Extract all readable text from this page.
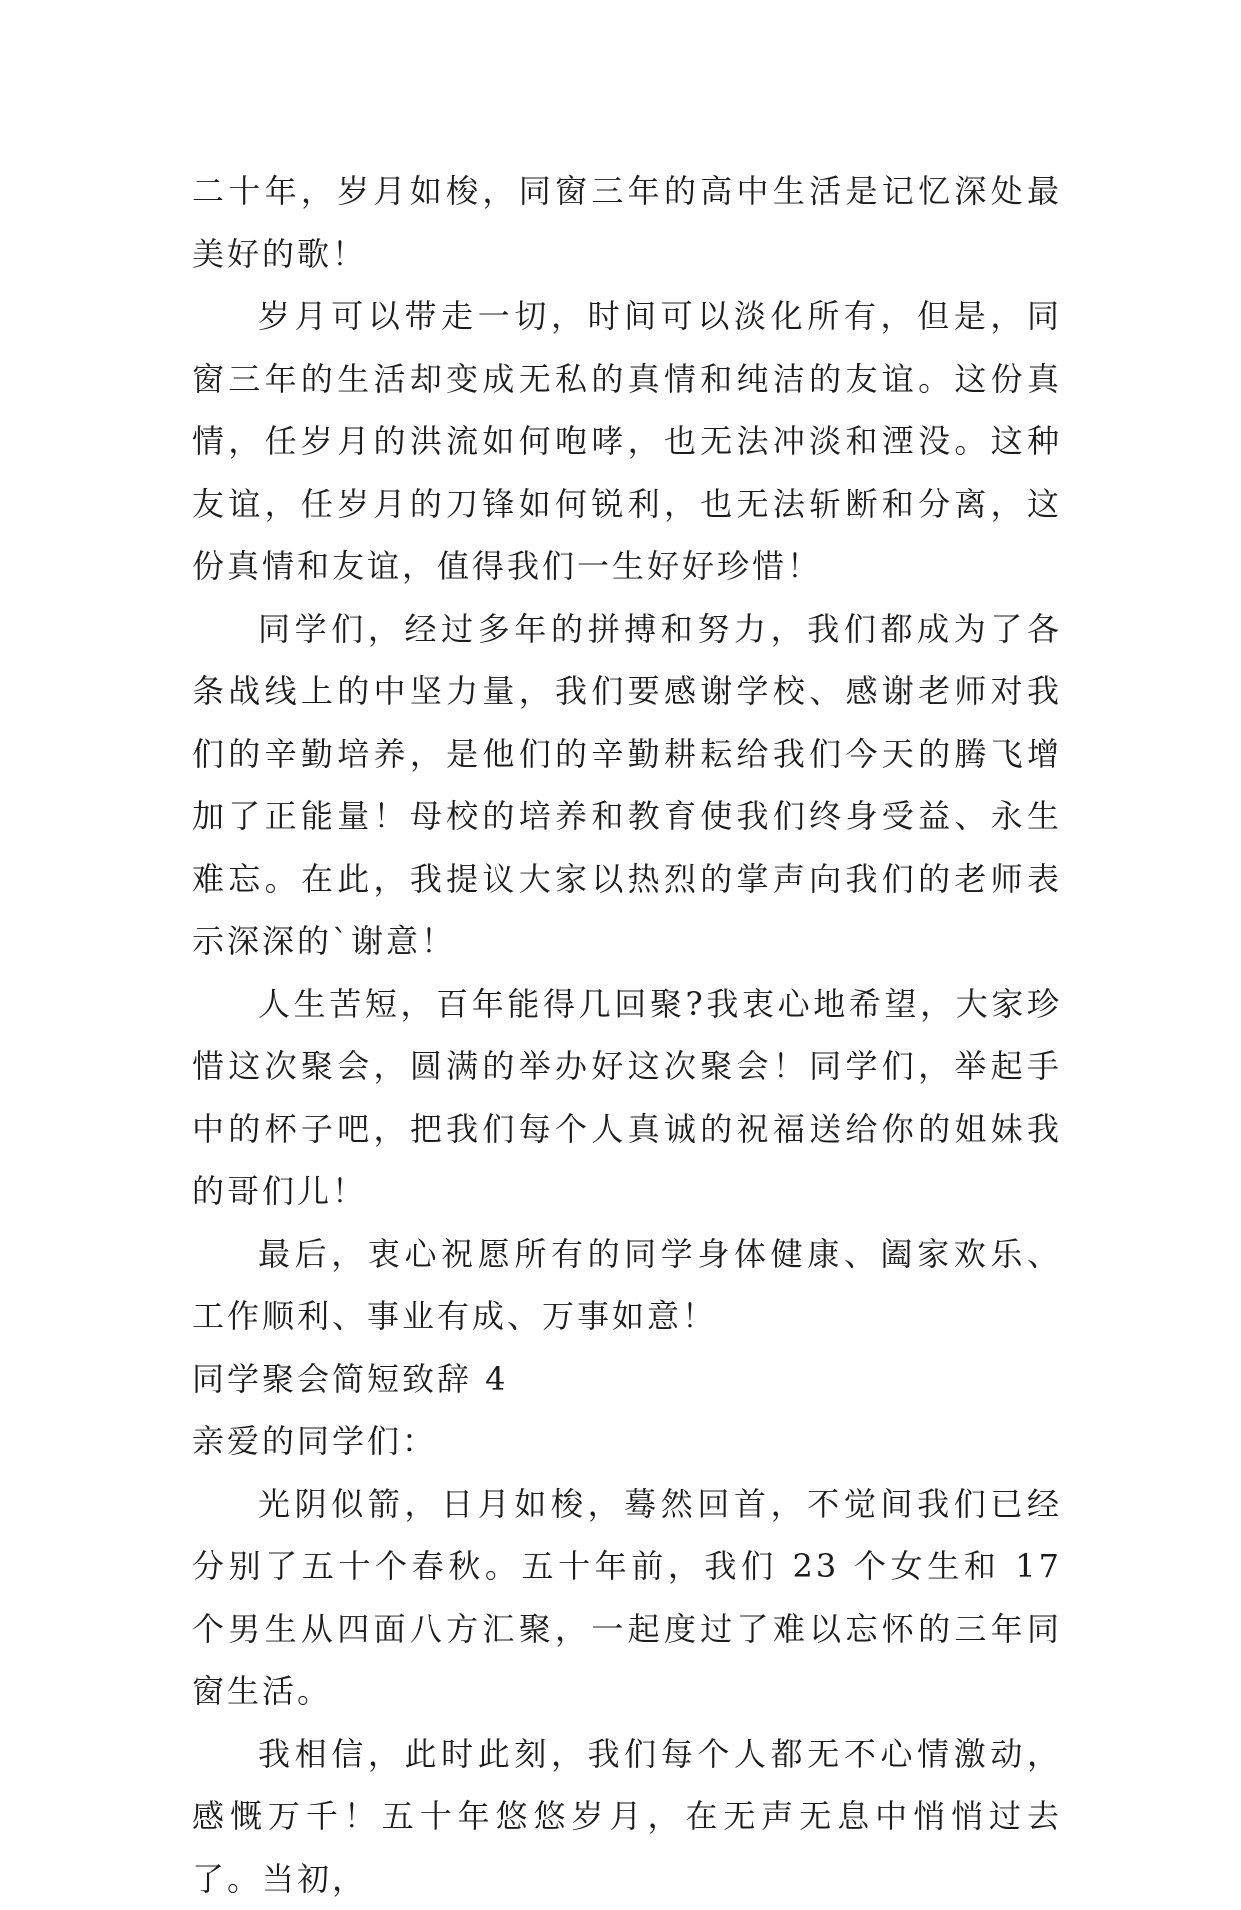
二十年，岁月如梭，同窗三年的高中生活是记忆深处最美好的歌！

岁月可以带走一切，时间可以淡化所有，但是，同窗三年的生活却变成无私的真情和纯洁的友谊。这份真情，任岁月的洪流如何咆哮，也无法冲淡和湮没。这种友谊，任岁月的刀锋如何锐利，也无法斩断和分离，这份真情和友谊，值得我们一生好好珍惜！

同学们，经过多年的拼搏和努力，我们都成为了各条战线上的中坚力量，我们要感谢学校、感谢老师对我们的辛勤培养，是他们的辛勤耕耘给我们今天的腾飞增加了正能量！母校的培养和教育使我们终身受益、永生难忘。在此，我提议大家以热烈的掌声向我们的老师表示深深的`谢意！

人生苦短，百年能得几回聚?我衷心地希望，大家珍惜这次聚会，圆满的举办好这次聚会！同学们，举起手中的杯子吧，把我们每个人真诚的祝福送给你的姐妹我的哥们儿！

最后，衷心祝愿所有的同学身体健康、阖家欢乐、工作顺利、事业有成、万事如意！

同学聚会简短致辞 4

亲爱的同学们：

光阴似箭，日月如梭，蓦然回首，不觉间我们已经分别了五十个春秋。五十年前，我们 23 个女生和 17 个男生从四面八方汇聚，一起度过了难以忘怀的三年同窗生活。

我相信，此时此刻，我们每个人都无不心情激动，感慨万千！五十年悠悠岁月，在无声无息中悄悄过去了。当初，
